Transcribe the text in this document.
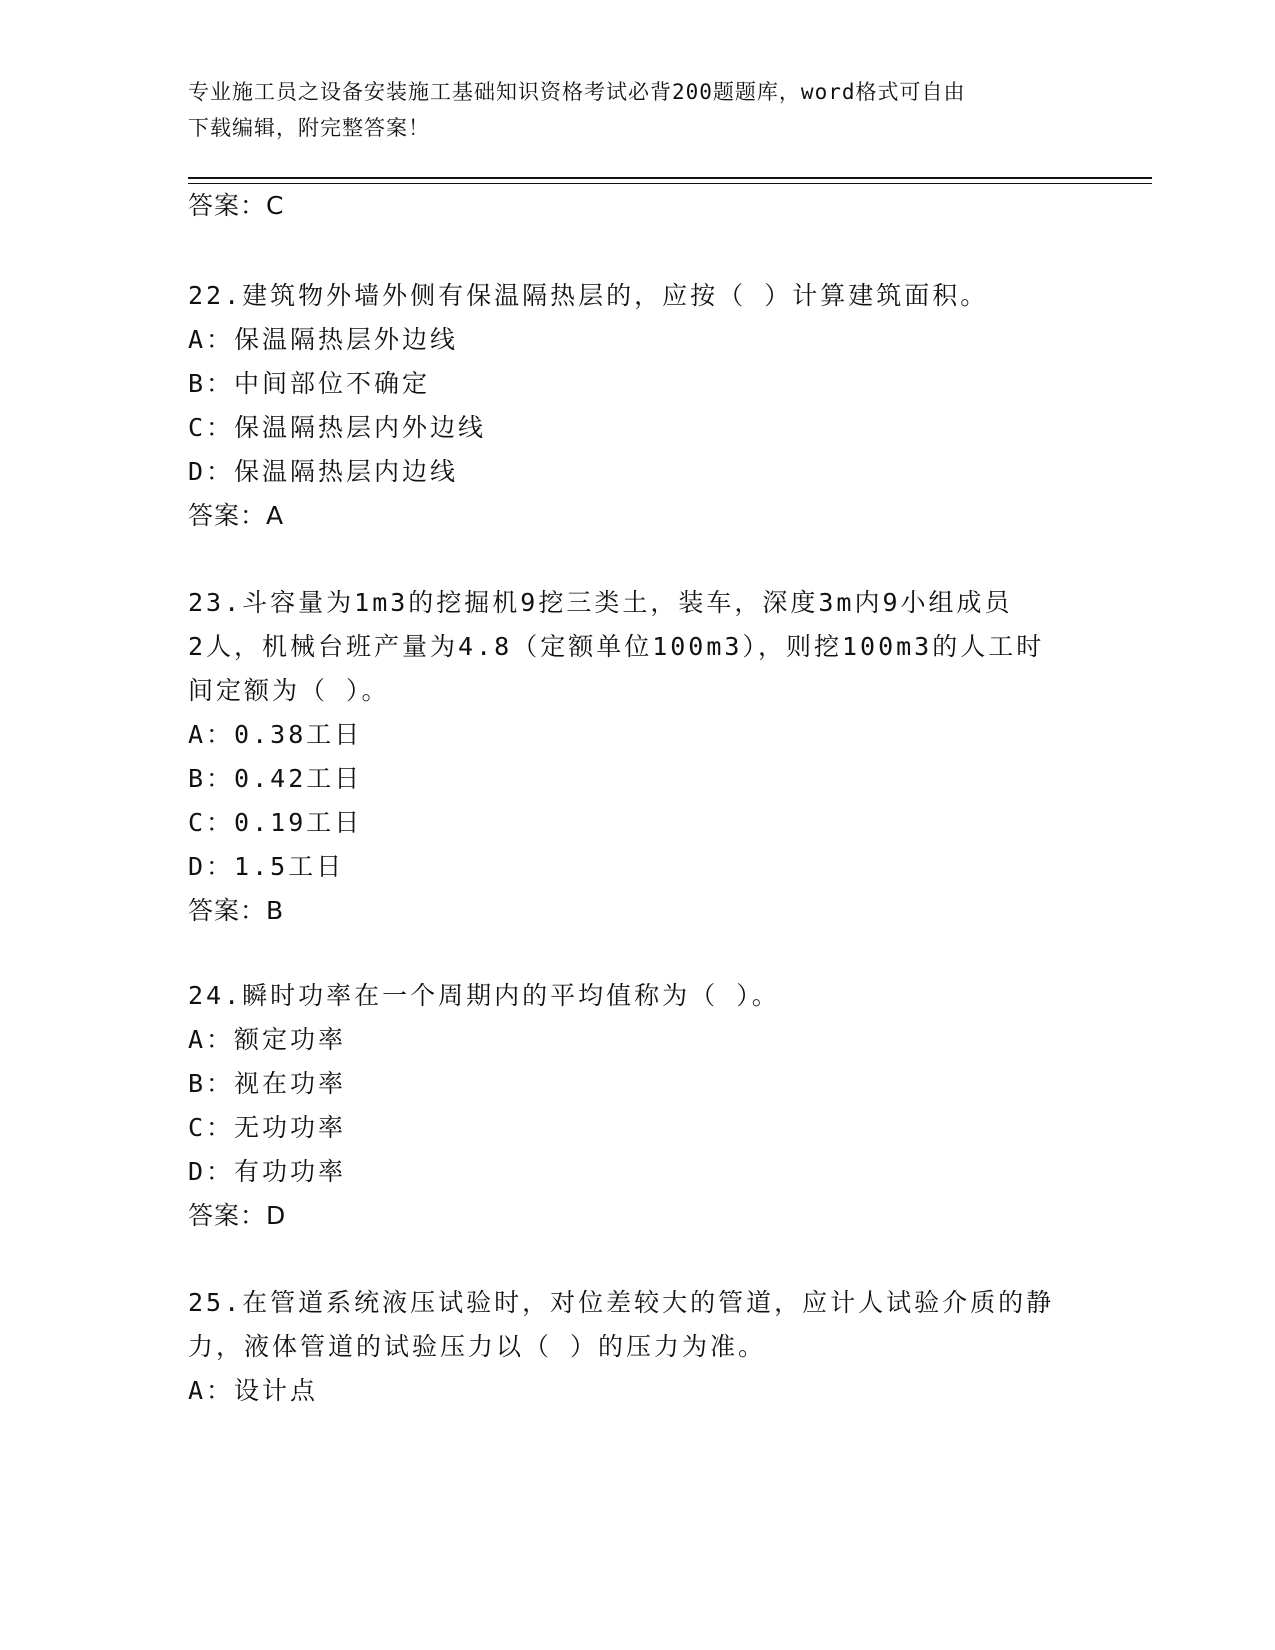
专业施工员之设备安装施工基础知识资格考试必背200题题库，word格式可自由
下载编辑，附完整答案！
答案：C
22.建筑物外墙外侧有保温隔热层的，应按（ ）计算建筑面积。
A：保温隔热层外边线
B：中间部位不确定
C：保温隔热层内外边线
D：保温隔热层内边线
答案：A
23.斗容量为1m3的挖掘机9挖三类土，装车，深度3m内9小组成员
2人，机械台班产量为4.8（定额单位100m3），则挖100m3的人工时
间定额为（ ）。
A：0.38工日
B：0.42工日
C：0.19工日
D：1.5工日
答案：B
24.瞬时功率在一个周期内的平均值称为（ ）。
A：额定功率
B：视在功率
C：无功功率
D：有功功率
答案：D
25.在管道系统液压试验时，对位差较大的管道，应计人试验介质的静
力，液体管道的试验压力以（ ）的压力为准。
A：设计点
